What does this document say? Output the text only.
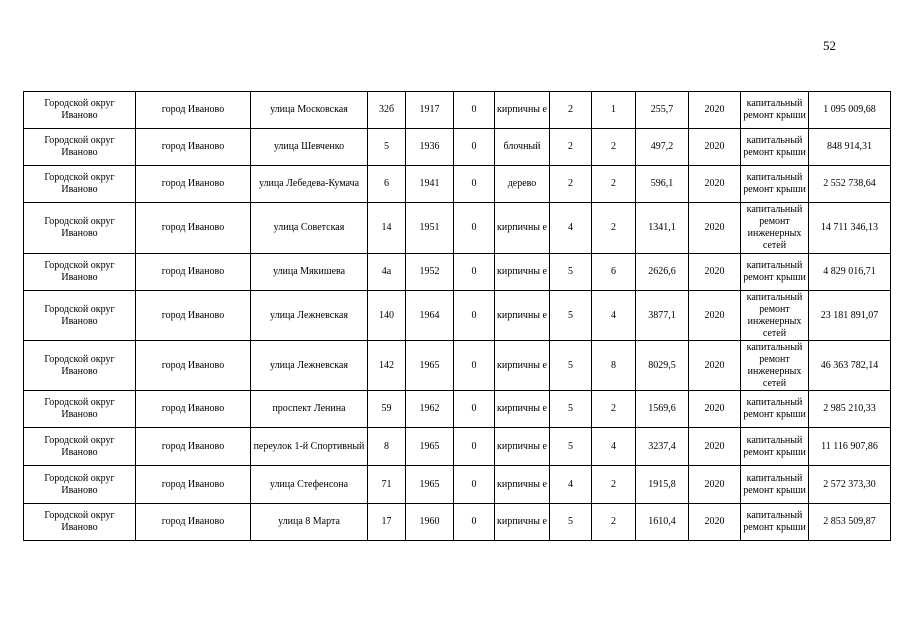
52
Городской округ Иваново	город Иваново	улица Московская	32б	1917	0	кирпичны е	2	1	255,7	2020	капитальный ремонт крыши	1 095 009,68
Городской округ Иваново	город Иваново	улица Шевченко	5	1936	0	блочный	2	2	497,2	2020	капитальный ремонт крыши	848 914,31
Городской округ Иваново	город Иваново	улица Лебедева-Кумача	6	1941	0	дерево	2	2	596,1	2020	капитальный ремонт крыши	2 552 738,64
Городской округ Иваново	город Иваново	улица Советская	14	1951	0	кирпичны е	4	2	1341,1	2020	капитальный ремонт инженерных сетей	14 711 346,13
Городской округ Иваново	город Иваново	улица Мякишева	4а	1952	0	кирпичны е	5	6	2626,6	2020	капитальный ремонт крыши	4 829 016,71
Городской округ Иваново	город Иваново	улица Лежневская	140	1964	0	кирпичны е	5	4	3877,1	2020	капитальный ремонт инженерных сетей	23 181 891,07
Городской округ Иваново	город Иваново	улица Лежневская	142	1965	0	кирпичны е	5	8	8029,5	2020	капитальный ремонт инженерных сетей	46 363 782,14
Городской округ Иваново	город Иваново	проспект Ленина	59	1962	0	кирпичны е	5	2	1569,6	2020	капитальный ремонт крыши	2 985 210,33
Городской округ Иваново	город Иваново	переулок 1-й Спортивный	8	1965	0	кирпичны е	5	4	3237,4	2020	капитальный ремонт крыши	11 116 907,86
Городской округ Иваново	город Иваново	улица Стефенсона	71	1965	0	кирпичны е	4	2	1915,8	2020	капитальный ремонт крыши	2 572 373,30
Городской округ Иваново	город Иваново	улица 8 Марта	17	1960	0	кирпичны е	5	2	1610,4	2020	капитальный ремонт крыши	2 853 509,87
